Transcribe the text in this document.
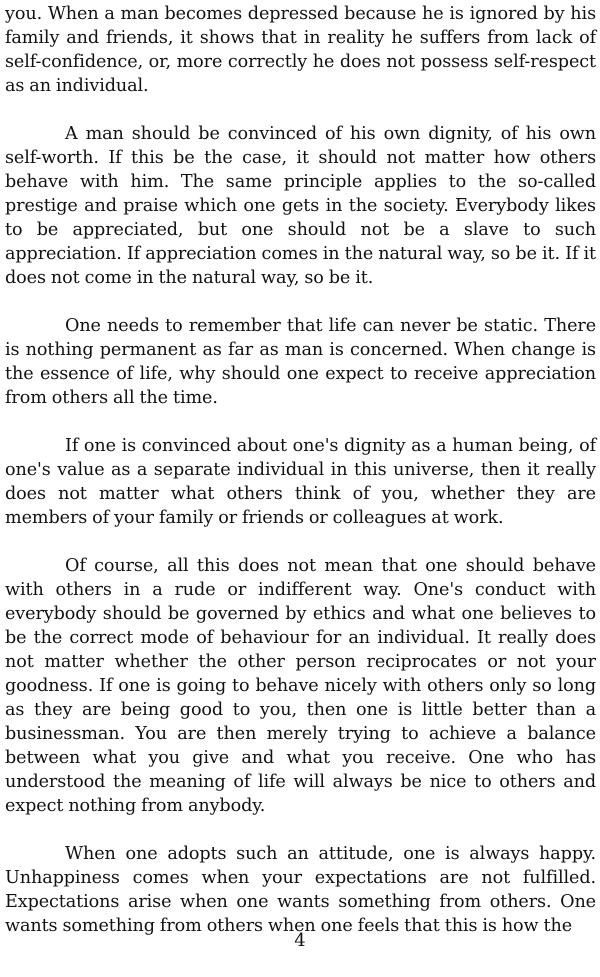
you. When a man becomes depressed because he is ignored by his family and friends, it shows that in reality he suffers from lack of self-confidence, or, more correctly he does not possess self-respect as an individual.

A man should be convinced of his own dignity, of his own self-worth. If this be the case, it should not matter how others behave with him. The same principle applies to the so-called prestige and praise which one gets in the society. Everybody likes to be appreciated, but one should not be a slave to such appreciation. If appreciation comes in the natural way, so be it. If it does not come in the natural way, so be it.

One needs to remember that life can never be static. There is nothing permanent as far as man is concerned. When change is the essence of life, why should one expect to receive appreciation from others all the time.

If one is convinced about one's dignity as a human being, of one's value as a separate individual in this universe, then it really does not matter what others think of you, whether they are members of your family or friends or colleagues at work.

Of course, all this does not mean that one should behave with others in a rude or indifferent way. One's conduct with everybody should be governed by ethics and what one believes to be the correct mode of behaviour for an individual. It really does not matter whether the other person reciprocates or not your goodness. If one is going to behave nicely with others only so long as they are being good to you, then one is little better than a businessman. You are then merely trying to achieve a balance between what you give and what you receive. One who has understood the meaning of life will always be nice to others and expect nothing from anybody.

When one adopts such an attitude, one is always happy. Unhappiness comes when your expectations are not fulfilled. Expectations arise when one wants something from others. One wants something from others when one feels that this is how the

4
